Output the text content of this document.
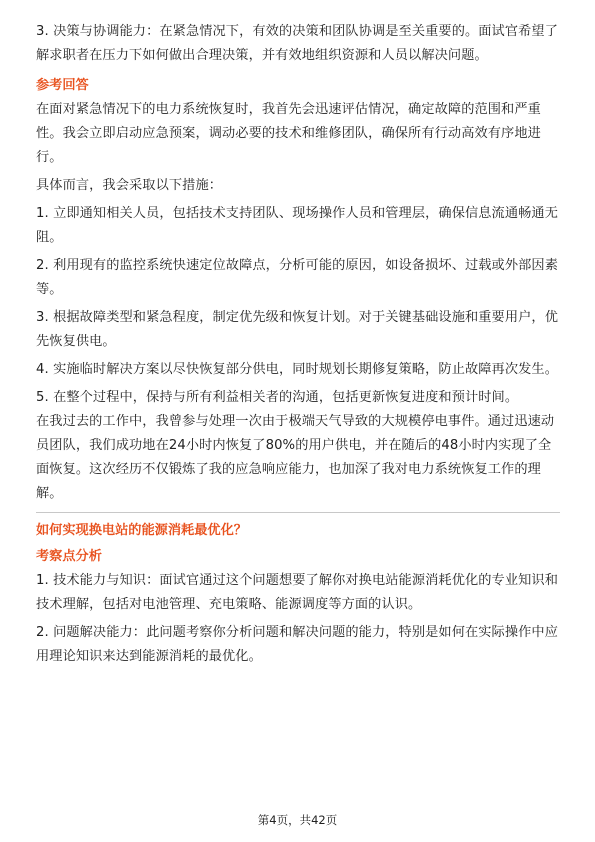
3. 决策与协调能力：在紧急情况下，有效的决策和团队协调是至关重要的。面试官希望了解求职者在压力下如何做出合理决策，并有效地组织资源和人员以解决问题。

参考回答

在面对紧急情况下的电力系统恢复时，我首先会迅速评估情况，确定故障的范围和严重性。我会立即启动应急预案，调动必要的技术和维修团队，确保所有行动高效有序地进行。

具体而言，我会采取以下措施：

1. 立即通知相关人员，包括技术支持团队、现场操作人员和管理层，确保信息流通畅通无阻。

2. 利用现有的监控系统快速定位故障点，分析可能的原因，如设备损坏、过载或外部因素等。

3. 根据故障类型和紧急程度，制定优先级和恢复计划。对于关键基础设施和重要用户，优先恢复供电。

4. 实施临时解决方案以尽快恢复部分供电，同时规划长期修复策略，防止故障再次发生。

5. 在整个过程中，保持与所有利益相关者的沟通，包括更新恢复进度和预计时间。

在我过去的工作中，我曾参与处理一次由于极端天气导致的大规模停电事件。通过迅速动员团队，我们成功地在24小时内恢复了80%的用户供电，并在随后的48小时内实现了全面恢复。这次经历不仅锻炼了我的应急响应能力，也加深了我对电力系统恢复工作的理解。

如何实现换电站的能源消耗最优化？
考察点分析

1. 技术能力与知识：面试官通过这个问题想要了解你对换电站能源消耗优化的专业知识和技术理解，包括对电池管理、充电策略、能源调度等方面的认识。

2. 问题解决能力：此问题考察你分析问题和解决问题的能力，特别是如何在实际操作中应用理论知识来达到能源消耗的最优化。

第4页，共42页
